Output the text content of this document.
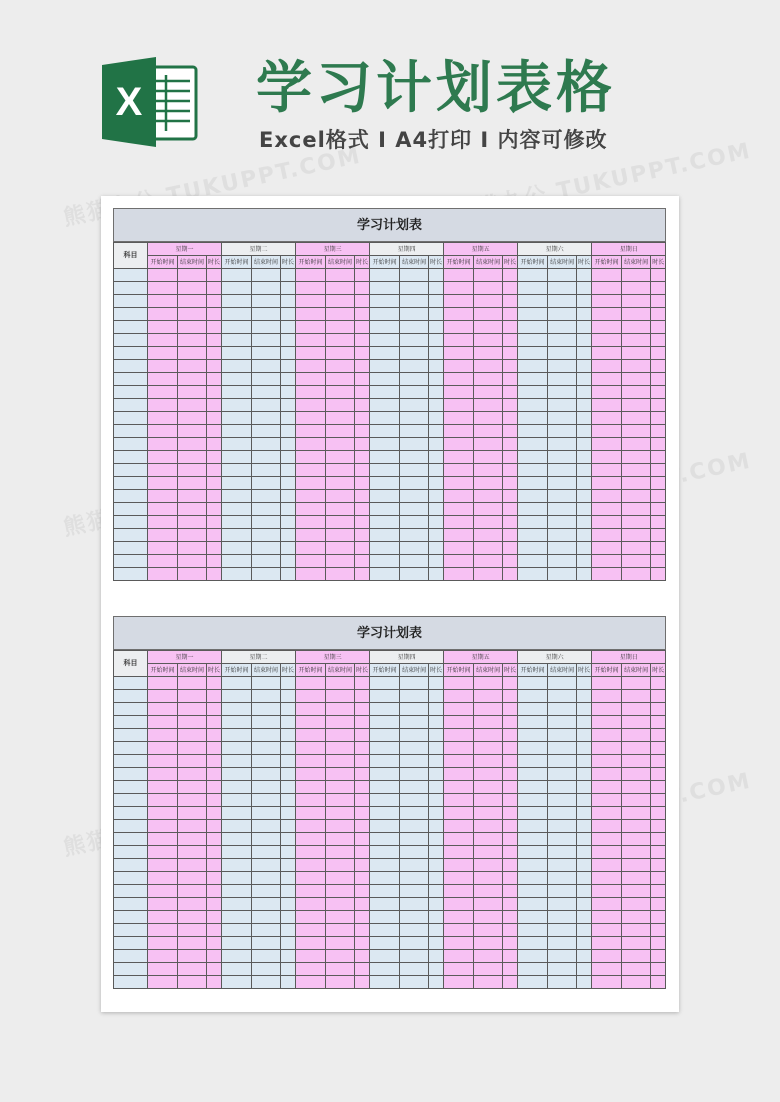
X 学习计划表格
Excel格式 I A4打印 I 内容可修改
熊猫办公 TUKUPPT.COM	熊猫办公 TUKUPPT.COM
学习计划表
科目	星期一			星期二			星期三			星期四			星期五			星期六			星期日		
	开始时间	结束时间	时长	开始时间	结束时间	时长	开始时间	结束时间	时长	开始时间	结束时间	时长	开始时间	结束时间	时长	开始时间	结束时间	时长	开始时间	结束时间	时长

学习计划表
科目	星期一			星期二			星期三			星期四			星期五			星期六			星期日		
	开始时间	结束时间	时长	开始时间	结束时间	时长	开始时间	结束时间	时长	开始时间	结束时间	时长	开始时间	结束时间	时长	开始时间	结束时间	时长	开始时间	结束时间	时长
